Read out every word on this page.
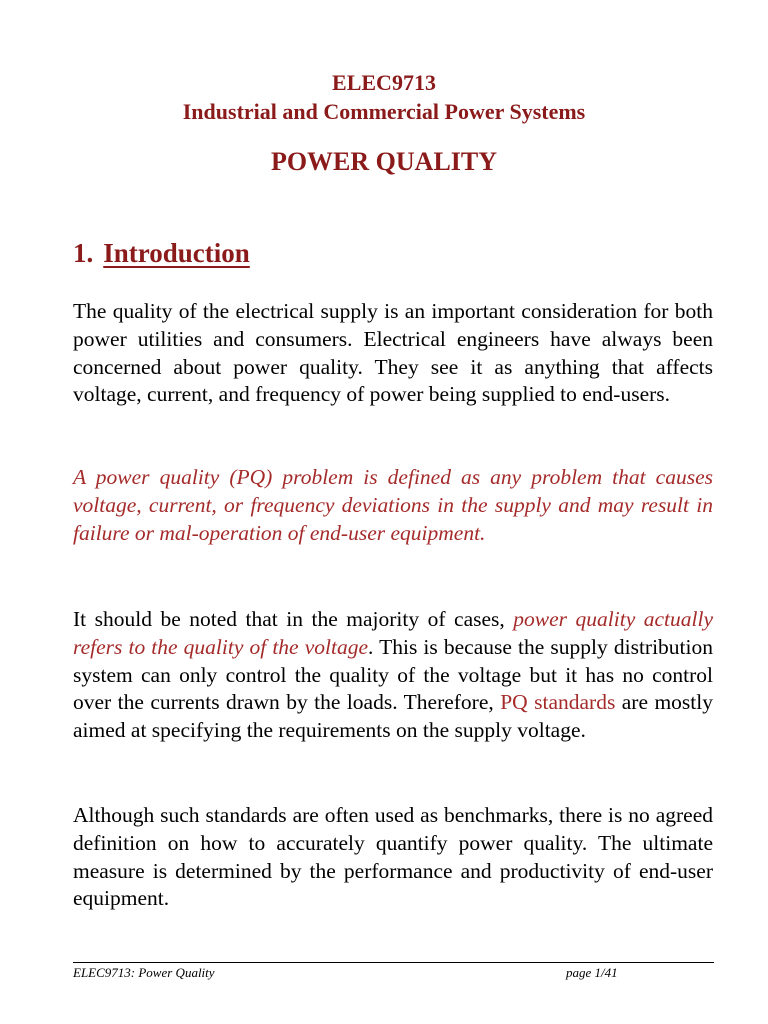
ELEC9713
Industrial and Commercial Power Systems
POWER QUALITY
1. Introduction

The quality of the electrical supply is an important consideration for both power utilities and consumers. Electrical engineers have always been concerned about power quality. They see it as anything that affects voltage, current, and frequency of power being supplied to end-users.

A power quality (PQ) problem is defined as any problem that causes voltage, current, or frequency deviations in the supply and may result in failure or mal-operation of end-user equipment.

It should be noted that in the majority of cases, power quality actually refers to the quality of the voltage. This is because the supply distribution system can only control the quality of the voltage but it has no control over the currents drawn by the loads. Therefore, PQ standards are mostly aimed at specifying the requirements on the supply voltage.

Although such standards are often used as benchmarks, there is no agreed definition on how to accurately quantify power quality. The ultimate measure is determined by the performance and productivity of end-user equipment.

ELEC9713: Power Quality	page 1/41
